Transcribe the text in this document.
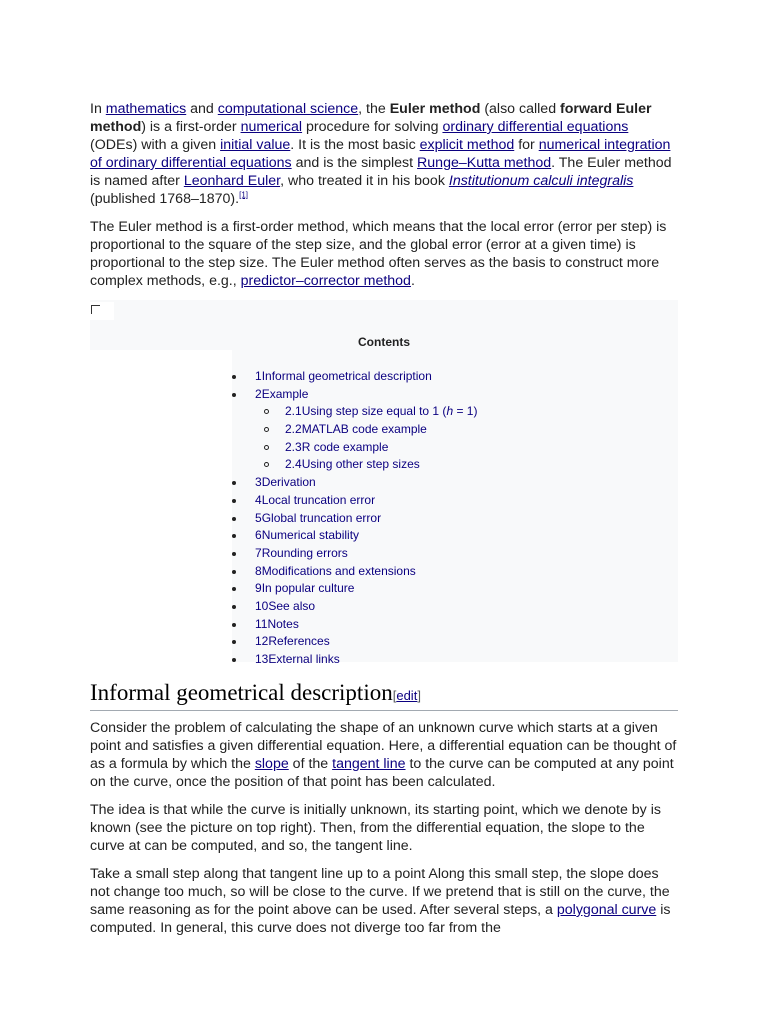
In mathematics and computational science, the Euler method (also called forward Euler method) is a first-order numerical procedure for solving ordinary differential equations (ODEs) with a given initial value. It is the most basic explicit method for numerical integration of ordinary differential equations and is the simplest Runge–Kutta method. The Euler method is named after Leonhard Euler, who treated it in his book Institutionum calculi integralis (published 1768–1870).[1]

The Euler method is a first-order method, which means that the local error (error per step) is proportional to the square of the step size, and the global error (error at a given time) is proportional to the step size. The Euler method often serves as the basis to construct more complex methods, e.g., predictor–corrector method.

Contents
1Informal geometrical description
2Example
2.1Using step size equal to 1 (h = 1)
2.2MATLAB code example
2.3R code example
2.4Using other step sizes
3Derivation
4Local truncation error
5Global truncation error
6Numerical stability
7Rounding errors
8Modifications and extensions
9In popular culture
10See also
11Notes
12References
13External links
Informal geometrical description[edit]

Consider the problem of calculating the shape of an unknown curve which starts at a given point and satisfies a given differential equation. Here, a differential equation can be thought of as a formula by which the slope of the tangent line to the curve can be computed at any point on the curve, once the position of that point has been calculated.

The idea is that while the curve is initially unknown, its starting point, which we denote by is known (see the picture on top right). Then, from the differential equation, the slope to the curve at can be computed, and so, the tangent line.

Take a small step along that tangent line up to a point Along this small step, the slope does not change too much, so will be close to the curve. If we pretend that is still on the curve, the same reasoning as for the point above can be used. After several steps, a polygonal curve is computed. In general, this curve does not diverge too far from the
